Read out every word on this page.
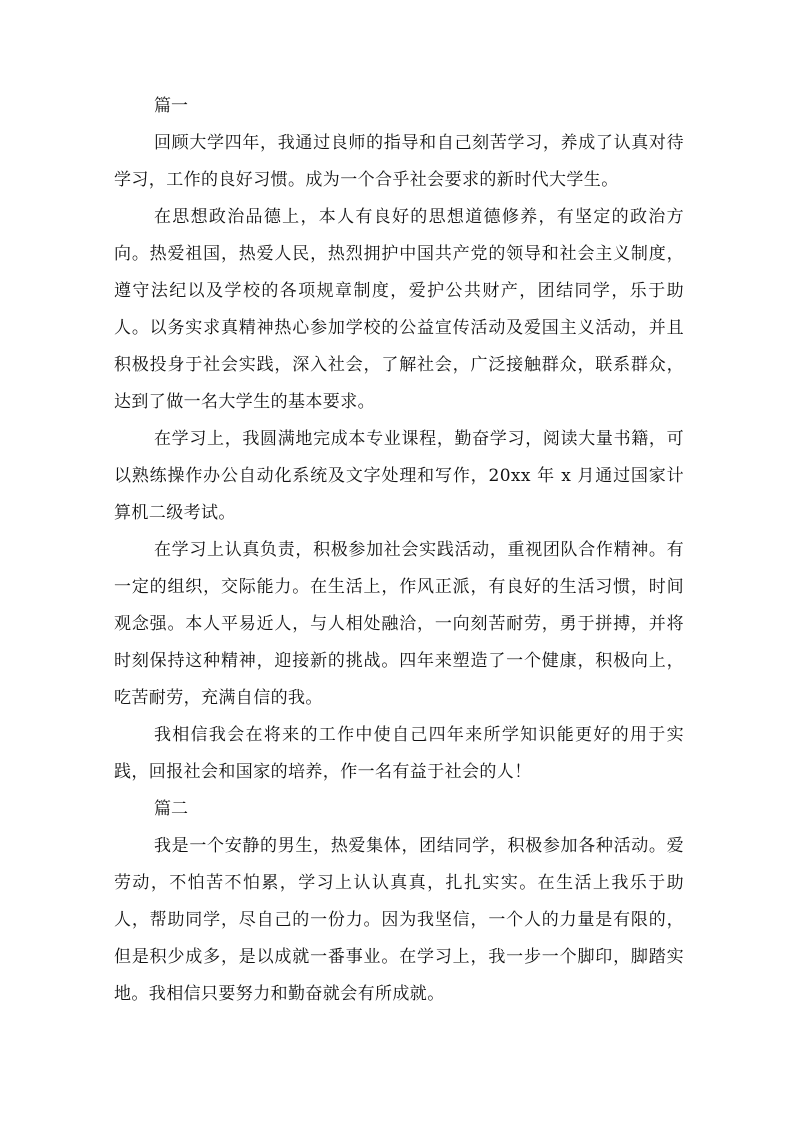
篇一

回顾大学四年，我通过良师的指导和自己刻苦学习，养成了认真对待学习，工作的良好习惯。成为一个合乎社会要求的新时代大学生。

在思想政治品德上，本人有良好的思想道德修养，有坚定的政治方向。热爱祖国，热爱人民，热烈拥护中国共产党的领导和社会主义制度，遵守法纪以及学校的各项规章制度，爱护公共财产，团结同学，乐于助人。以务实求真精神热心参加学校的公益宣传活动及爱国主义活动，并且积极投身于社会实践，深入社会，了解社会，广泛接触群众，联系群众，达到了做一名大学生的基本要求。

在学习上，我圆满地完成本专业课程，勤奋学习，阅读大量书籍，可以熟练操作办公自动化系统及文字处理和写作，20xx 年 x 月通过国家计算机二级考试。

在学习上认真负责，积极参加社会实践活动，重视团队合作精神。有一定的组织，交际能力。在生活上，作风正派，有良好的生活习惯，时间观念强。本人平易近人，与人相处融洽，一向刻苦耐劳，勇于拼搏，并将时刻保持这种精神，迎接新的挑战。四年来塑造了一个健康，积极向上，吃苦耐劳，充满自信的我。

我相信我会在将来的工作中使自己四年来所学知识能更好的用于实践，回报社会和国家的培养，作一名有益于社会的人！

篇二

我是一个安静的男生，热爱集体，团结同学，积极参加各种活动。爱劳动，不怕苦不怕累，学习上认认真真，扎扎实实。在生活上我乐于助人，帮助同学，尽自己的一份力。因为我坚信，一个人的力量是有限的，但是积少成多，是以成就一番事业。在学习上，我一步一个脚印，脚踏实地。我相信只要努力和勤奋就会有所成就。
